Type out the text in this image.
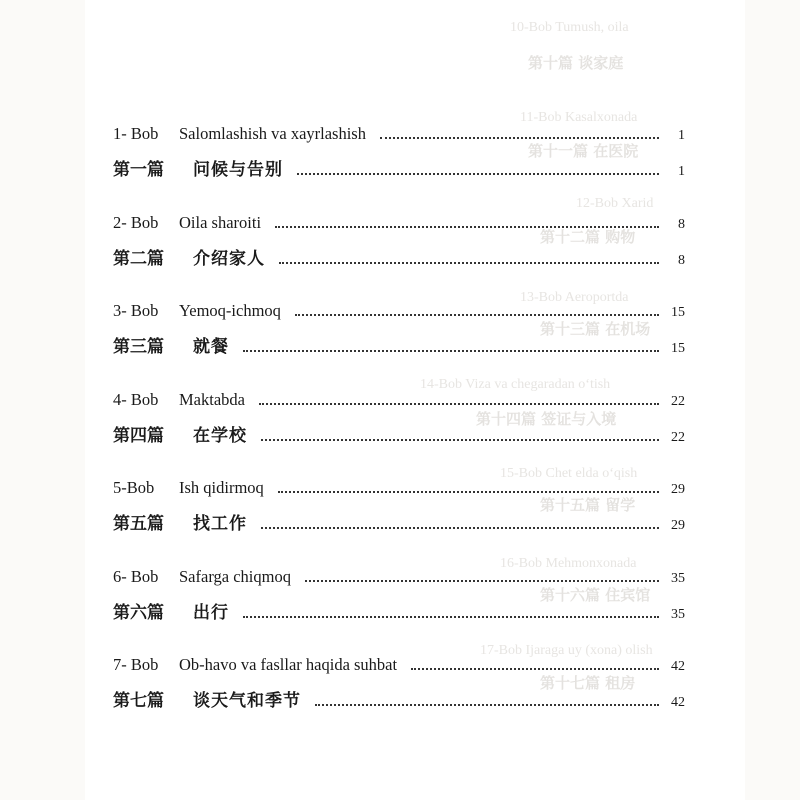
10-Bob Tumush, oila
第十篇 谈家庭
11-Bob Kasalxonada
第十一篇 在医院
12-Bob Xarid
第十二篇 购物
13-Bob Aeroportda
第十三篇 在机场
14-Bob Viza va chegaradan o‘tish
第十四篇 签证与入境
15-Bob Chet elda o‘qish
第十五篇 留学
16-Bob Mehmonxonada
第十六篇 住宾馆
17-Bob Ijaraga uy (xona) olish
第十七篇 租房
1- Bob	Salomlashish va xayrlashish	1
第一篇	问候与告别	1
2- Bob	Oila sharoiti	8
第二篇	介绍家人	8
3- Bob	Yemoq-ichmoq	15
第三篇	就餐	15
4- Bob	Maktabda	22
第四篇	在学校	22
5-Bob	Ish qidirmoq	29
第五篇	找工作	29
6- Bob	Safarga chiqmoq	35
第六篇	出行	35
7- Bob	Ob-havo va fasllar haqida suhbat	42
第七篇	谈天气和季节	42
